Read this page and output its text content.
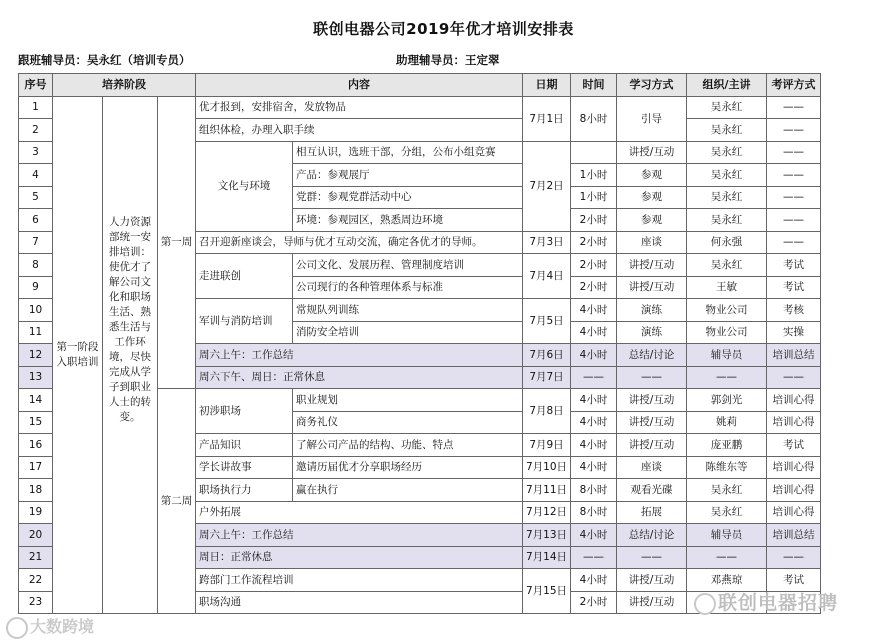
联创电器公司2019年优才培训安排表
跟班辅导员：吴永红（培训专员）	助理辅导员：王定翠
序号	培养阶段			内容		日期	时间	学习方式	组织/主讲	考评方式
1	第一阶段入职培训	人力资源部统一安排培训：使优才了解公司文化和职场生活、熟悉生活与工作环境，尽快完成从学子到职业人士的转变。	第一周	优才报到，安排宿舍，发放物品		7月1日	8小时	引导	吴永红	——
2				组织体检，办理入职手续					吴永红	——
3				文化与环境	相互认识，选班干部，分组，公布小组竞赛	7月2日		讲授/互动	吴永红	——
4					产品：参观展厅		1小时	参观	吴永红	——
5					党群：参观党群活动中心		1小时	参观	吴永红	——
6					环境：参观园区，熟悉周边环境		2小时	参观	吴永红	——
7				召开迎新座谈会，导师与优才互动交流，确定各优才的导师。		7月3日	2小时	座谈	何永强	——
8				走进联创	公司文化、发展历程、管理制度培训	7月4日	2小时	讲授/互动	吴永红	考试
9					公司现行的各种管理体系与标准		2小时	讲授/互动	王敏	考试
10				军训与消防培训	常规队列训练	7月5日	4小时	演练	物业公司	考核
11					消防安全培训		4小时	演练	物业公司	实操
12				周六上午：工作总结		7月6日	4小时	总结/讨论	辅导员	培训总结
13				周六下午、周日：正常休息		7月7日	——	——	——	——
14			第二周	初涉职场	职业规划	7月8日	4小时	讲授/互动	郭剑光	培训心得
15					商务礼仪		4小时	讲授/互动	姚莉	培训心得
16				产品知识	了解公司产品的结构、功能、特点	7月9日	4小时	讲授/互动	庞亚鹏	考试
17				学长讲故事	邀请历届优才分享职场经历	7月10日	4小时	座谈	陈维东等	培训心得
18				职场执行力	赢在执行	7月11日	8小时	观看光碟	吴永红	培训心得
19				户外拓展		7月12日	8小时	拓展	吴永红	培训心得
20				周六上午：工作总结		7月13日	4小时	总结/讨论	辅导员	培训总结
21				周日：正常休息		7月14日	——	——	——	——
22				跨部门工作流程培训		7月15日	4小时	讲授/互动	邓燕琼	考试
23				职场沟通			2小时	讲授/互动		
大数跨境
联创电器招聘
